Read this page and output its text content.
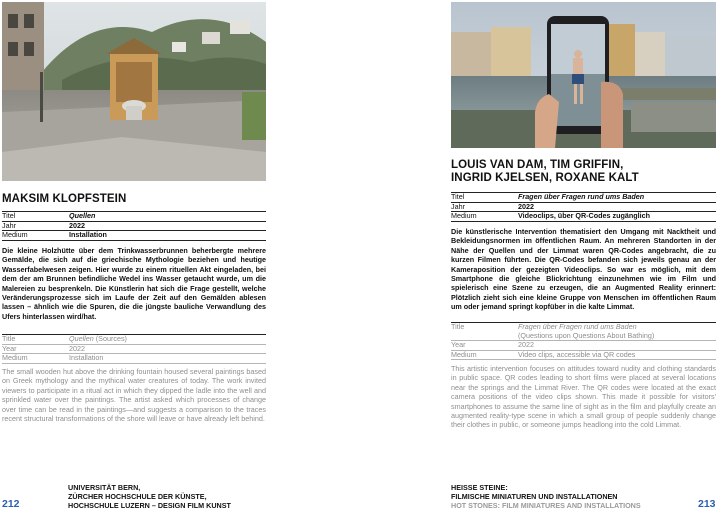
MAKSIM KLOPFSTEIN
Titel	Quellen
Jahr	2022
Medium	Installation

Die kleine Holzhütte über dem Trinkwasserbrunnen beherbergte mehrere Gemälde, die sich auf die griechische Mythologie beziehen und heutige Wasserfabelwesen zeigen. Hier wurde zu einem rituellen Akt eingeladen, bei dem der am Brunnen befindliche Wedel ins Wasser getaucht wurde, um die Malereien zu besprenkeln. Die Künstlerin hat sich die Frage gestellt, welche Veränderungsprozesse sich im Laufe der Zeit auf den Gemälden ablesen lassen – ähnlich wie die Spuren, die die jüngste bauliche Verwandlung des Ufers hinterlassen wird/hat.

Title	Quellen (Sources)
Year	2022
Medium	Installation

The small wooden hut above the drinking fountain housed several paintings based on Greek mythology and the mythical water creatures of today. The work invited viewers to participate in a ritual act in which they dipped the ladle into the well and sprinkled water over the paintings. The artist asked which processes of change over time can be read in the paintings—and suggests a comparison to the traces recent structural transformations of the shore will leave or have already left behind.

212
UNIVERSITÄT BERN,
ZÜRCHER HOCHSCHULE DER KÜNSTE,
HOCHSCHULE LUZERN – DESIGN FILM KUNST
LOUIS VAN DAM, TIM GRIFFIN,
INGRID KJELSEN, ROXANE KALT
Titel	Fragen über Fragen rund ums Baden
Jahr	2022
Medium	Videoclips, über QR-Codes zugänglich

Die künstlerische Intervention thematisiert den Umgang mit Nacktheit und Bekleidungsnormen im öffentlichen Raum. An mehreren Standorten in der Nähe der Quellen und der Limmat waren QR-Codes angebracht, die zu kurzen Filmen führten. Die QR-Codes befanden sich jeweils genau an der Kameraposition der gezeigten Videoclips. So war es möglich, mit dem Smartphone die gleiche Blickrichtung einzunehmen wie im Film und spielerisch eine Szene zu erzeugen, die an Augmented Reality erinnert: Plötzlich zieht sich eine kleine Gruppe von Menschen im öffentlichen Raum um oder jemand springt kopfüber in die kalte Limmat.

Title	Fragen über Fragen rund ums Baden
(Questions upon Questions About Bathing)

Year	2022
Medium	Video clips, accessible via QR codes

This artistic intervention focuses on attitudes toward nudity and clothing standards in public space. QR codes leading to short films were placed at several locations near the springs and the Limmat River. The QR codes were located at the exact camera positions of the video clips shown. This made it possible for visitors' smartphones to assume the same line of sight as in the film and playfully create an augmented reality-type scene in which a small group of people suddenly change their clothes in public, or someone jumps headlong into the cold Limmat.

HEISSE STEINE:
FILMISCHE MINIATUREN UND INSTALLATIONEN
HOT STONES: FILM MINIATURES AND INSTALLATIONS	213
